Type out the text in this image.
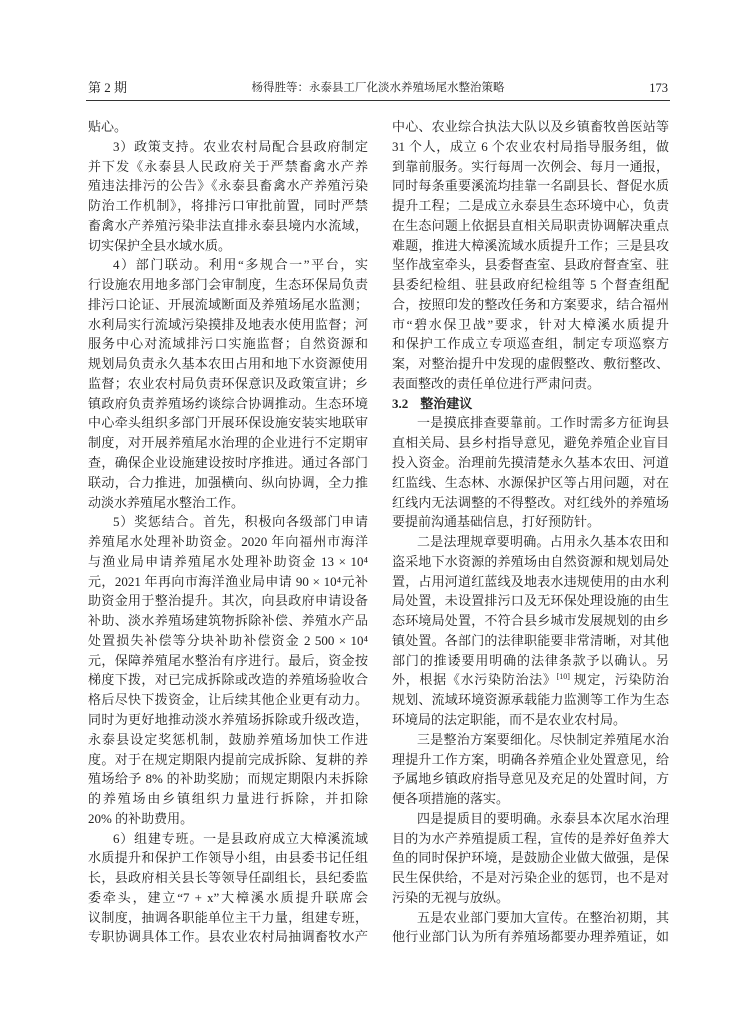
第 2 期	杨得胜等：永泰县工厂化淡水养殖场尾水整治策略	173
贴心。
3）政策支持。农业农村局配合县政府制定
并下发《永泰县人民政府关于严禁畜禽水产养
殖违法排污的公告》《永泰县畜禽水产养殖污染
防治工作机制》，将排污口审批前置，同时严禁
畜禽水产养殖污染非法直排永泰县境内水流域，
切实保护全县水域水质。
4）部门联动。利用“多规合一”平台，实
行设施农用地多部门会审制度，生态环保局负责
排污口论证、开展流域断面及养殖场尾水监测；
水利局实行流域污染摸排及地表水使用监督；河
服务中心对流域排污口实施监督；自然资源和
规划局负责永久基本农田占用和地下水资源使用
监督；农业农村局负责环保意识及政策宣讲；乡
镇政府负责养殖场约谈综合协调推动。生态环境
中心牵头组织多部门开展环保设施安装实地联审
制度，对开展养殖尾水治理的企业进行不定期审
查，确保企业设施建设按时序推进。通过各部门
联动，合力推进，加强横向、纵向协调，全力推
动淡水养殖尾水整治工作。
5）奖惩结合。首先，积极向各级部门申请
养殖尾水处理补助资金。2020 年向福州市海洋
与渔业局申请养殖尾水处理补助资金 13 × 10⁴
元，2021 年再向市海洋渔业局申请 90 × 10⁴元补
助资金用于整治提升。其次，向县政府申请设备
补助、淡水养殖场建筑物拆除补偿、养殖水产品
处置损失补偿等分块补助补偿资金 2 500 × 10⁴
元，保障养殖尾水整治有序进行。最后，资金按
梯度下拨，对已完成拆除或改造的养殖场验收合
格后尽快下拨资金，让后续其他企业更有动力。
同时为更好地推动淡水养殖场拆除或升级改造，
永泰县设定奖惩机制，鼓励养殖场加快工作进
度。对于在规定期限内提前完成拆除、复耕的养
殖场给予 8% 的补助奖励；而规定期限内未拆除
的养殖场由乡镇组织力量进行拆除，并扣除
20% 的补助费用。
6）组建专班。一是县政府成立大樟溪流域
水质提升和保护工作领导小组，由县委书记任组
长，县政府相关县长等领导任副组长，县纪委监
委牵头，建立“7 + x”大樟溪水质提升联席会
议制度，抽调各职能单位主干力量，组建专班，
专职协调具体工作。县农业农村局抽调畜牧水产
中心、农业综合执法大队以及乡镇畜牧兽医站等
31 个人，成立 6 个农业农村局指导服务组，做
到靠前服务。实行每周一次例会、每月一通报，
同时每条重要溪流均挂靠一名副县长、督促水质
提升工程；二是成立永泰县生态环境中心，负责
在生态问题上依据县直相关局职责协调解决重点
难题，推进大樟溪流域水质提升工作；三是县攻
坚作战室牵头，县委督查室、县政府督查室、驻
县委纪检组、驻县政府纪检组等 5 个督查组配
合，按照印发的整改任务和方案要求，结合福州
市“碧水保卫战”要求，针对大樟溪水质提升
和保护工作成立专项巡查组，制定专项巡察方
案，对整治提升中发现的虚假整改、敷衍整改、
表面整改的责任单位进行严肃问责。
3.2 整治建议
一是摸底排查要靠前。工作时需多方征询县
直相关局、县乡村指导意见，避免养殖企业盲目
投入资金。治理前先摸清楚永久基本农田、河道
红监线、生态林、水源保护区等占用问题，对在
红线内无法调整的不得整改。对红线外的养殖场
要提前沟通基础信息，打好预防针。
二是法理规章要明确。占用永久基本农田和
盗采地下水资源的养殖场由自然资源和规划局处
置，占用河道红蓝线及地表水违规使用的由水利
局处置，未设置排污口及无环保处理设施的由生
态环境局处置，不符合县乡城市发展规划的由乡
镇处置。各部门的法律职能要非常清晰，对其他
部门的推诿要用明确的法律条款予以确认。另
外，根据《水污染防治法》[10] 规定，污染防治
规划、流域环境资源承载能力监测等工作为生态
环境局的法定职能，而不是农业农村局。
三是整治方案要细化。尽快制定养殖尾水治
理提升工作方案，明确各养殖企业处置意见，给
予属地乡镇政府指导意见及充足的处置时间，方
便各项措施的落实。
四是提质目的要明确。永泰县本次尾水治理
目的为水产养殖提质工程，宣传的是养好鱼养大
鱼的同时保护环境，是鼓励企业做大做强，是保
民生保供给，不是对污染企业的惩罚，也不是对
污染的无视与放纵。
五是农业部门要加大宣传。在整治初期，其
他行业部门认为所有养殖场都要办理养殖证，如
